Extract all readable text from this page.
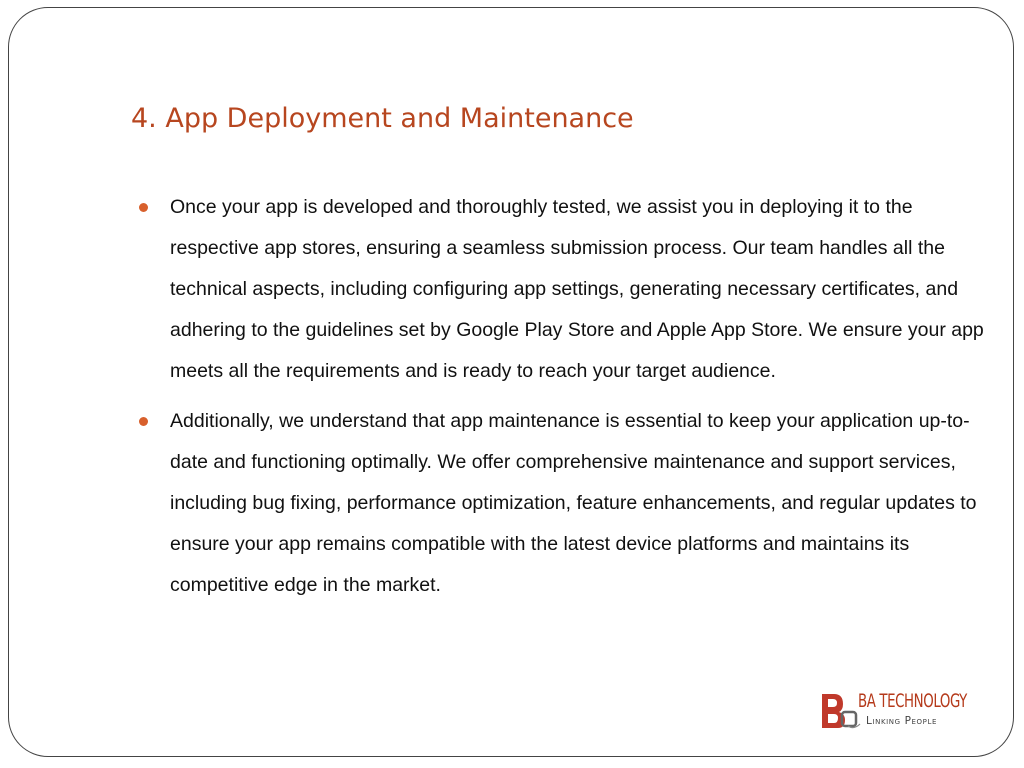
4. App Deployment and Maintenance
Once your app is developed and thoroughly tested, we assist you in deploying it to the respective app stores, ensuring a seamless submission process. Our team handles all the technical aspects, including configuring app settings, generating necessary certificates, and adhering to the guidelines set by Google Play Store and Apple App Store. We ensure your app meets all the requirements and is ready to reach your target audience.
Additionally, we understand that app maintenance is essential to keep your application up-to-date and functioning optimally. We offer comprehensive maintenance and support services, including bug fixing, performance optimization, feature enhancements, and regular updates to ensure your app remains compatible with the latest device platforms and maintains its competitive edge in the market.
BA TECHNOLOGY
Linking People
